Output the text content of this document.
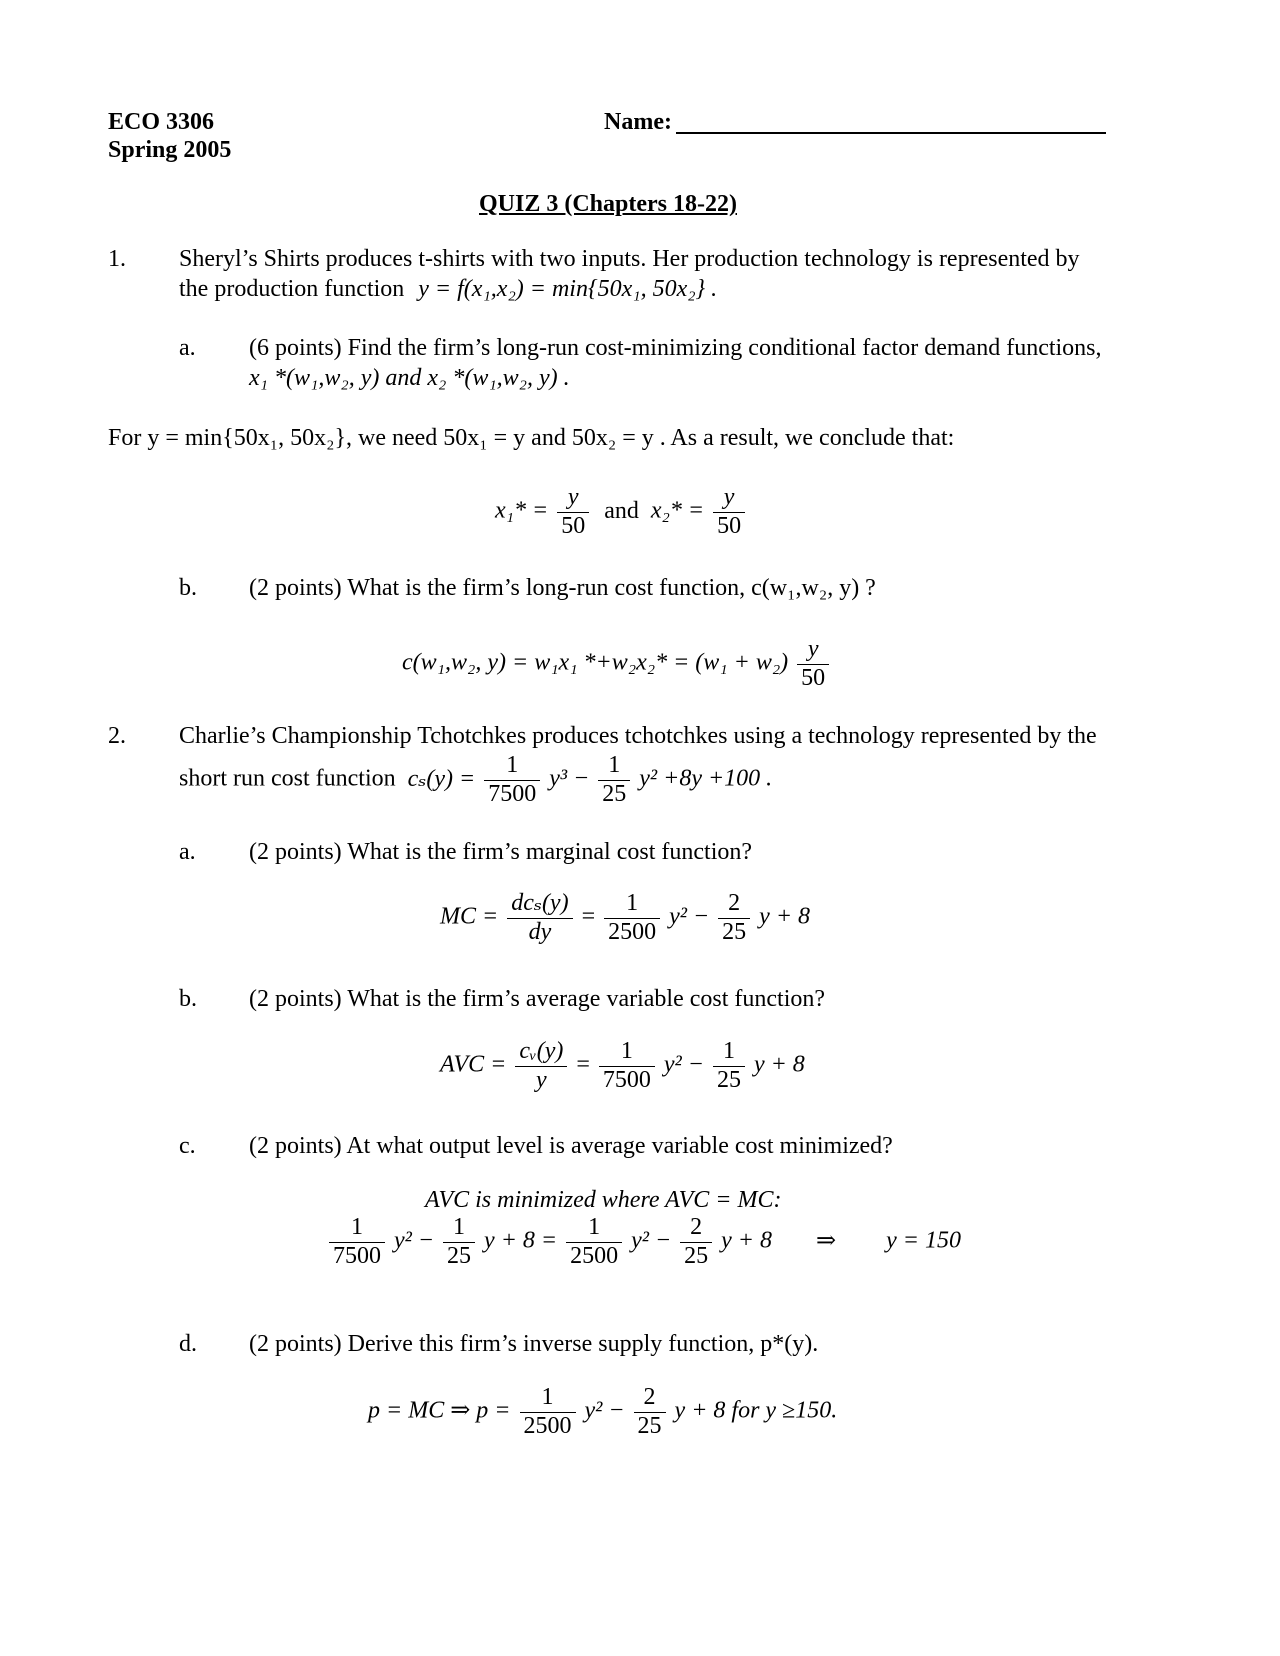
ECO 3306
Spring 2005
Name:
QUIZ 3 (Chapters 18-22)
1. Sheryl’s Shirts produces t-shirts with two inputs. Her production technology is represented by
the production function y = f(x₁,x₂) = min{50x₁, 50x₂} .
a. (6 points) Find the firm’s long-run cost-minimizing conditional factor demand functions,
x₁ *(w₁,w₂, y) and x₂ *(w₁,w₂, y) .
For y = min{50x₁, 50x₂}, we need 50x₁ = y and 50x₂ = y . As a result, we conclude that:
$x_1* = \frac{y}{50}$ and $x_2* = \frac{y}{50}$
b. (2 points) What is the firm’s long-run cost function, c(w₁,w₂, y) ?
c(w₁,w₂, y) = w₁x₁ $*+w_2x_2* = (w_1 + w_2) \frac{y}{50}$
2. Charlie’s Championship Tchotchkes produces tchotchkes using a technology represented by the
short run cost function $c_s(y) = \frac{1}{7500} y^3 - \frac{1}{25} y^2 +8y +100$ .
a. (2 points) What is the firm’s marginal cost function?
MC = $\frac{\text{dcₛ(y)}}{dy} = \frac{1}{2500} y^2 - \frac{2}{25}$ y + 8
b. (2 points) What is the firm’s average variable cost function?
AVC = $\frac{\text{cᵥ(y)}}{y} = \frac{1}{7500} y^2 - \frac{1}{25}$ y + 8
c. (2 points) At what output level is average variable cost minimized?
AVC is minimized where AVC = MC:
$\frac{1}{7500} y^2 - \frac{1}{25}$ $y + 8 = \frac{1}{2500} y^2 - \frac{2}{25}$ y + 8 ⇒ y = 150
d. (2 points) Derive this firm’s inverse supply function, p*(y).
p = MC ⇒ $p = \frac{1}{2500} y^2 - \frac{2}{25}$ y + 8 for y ≥150.
